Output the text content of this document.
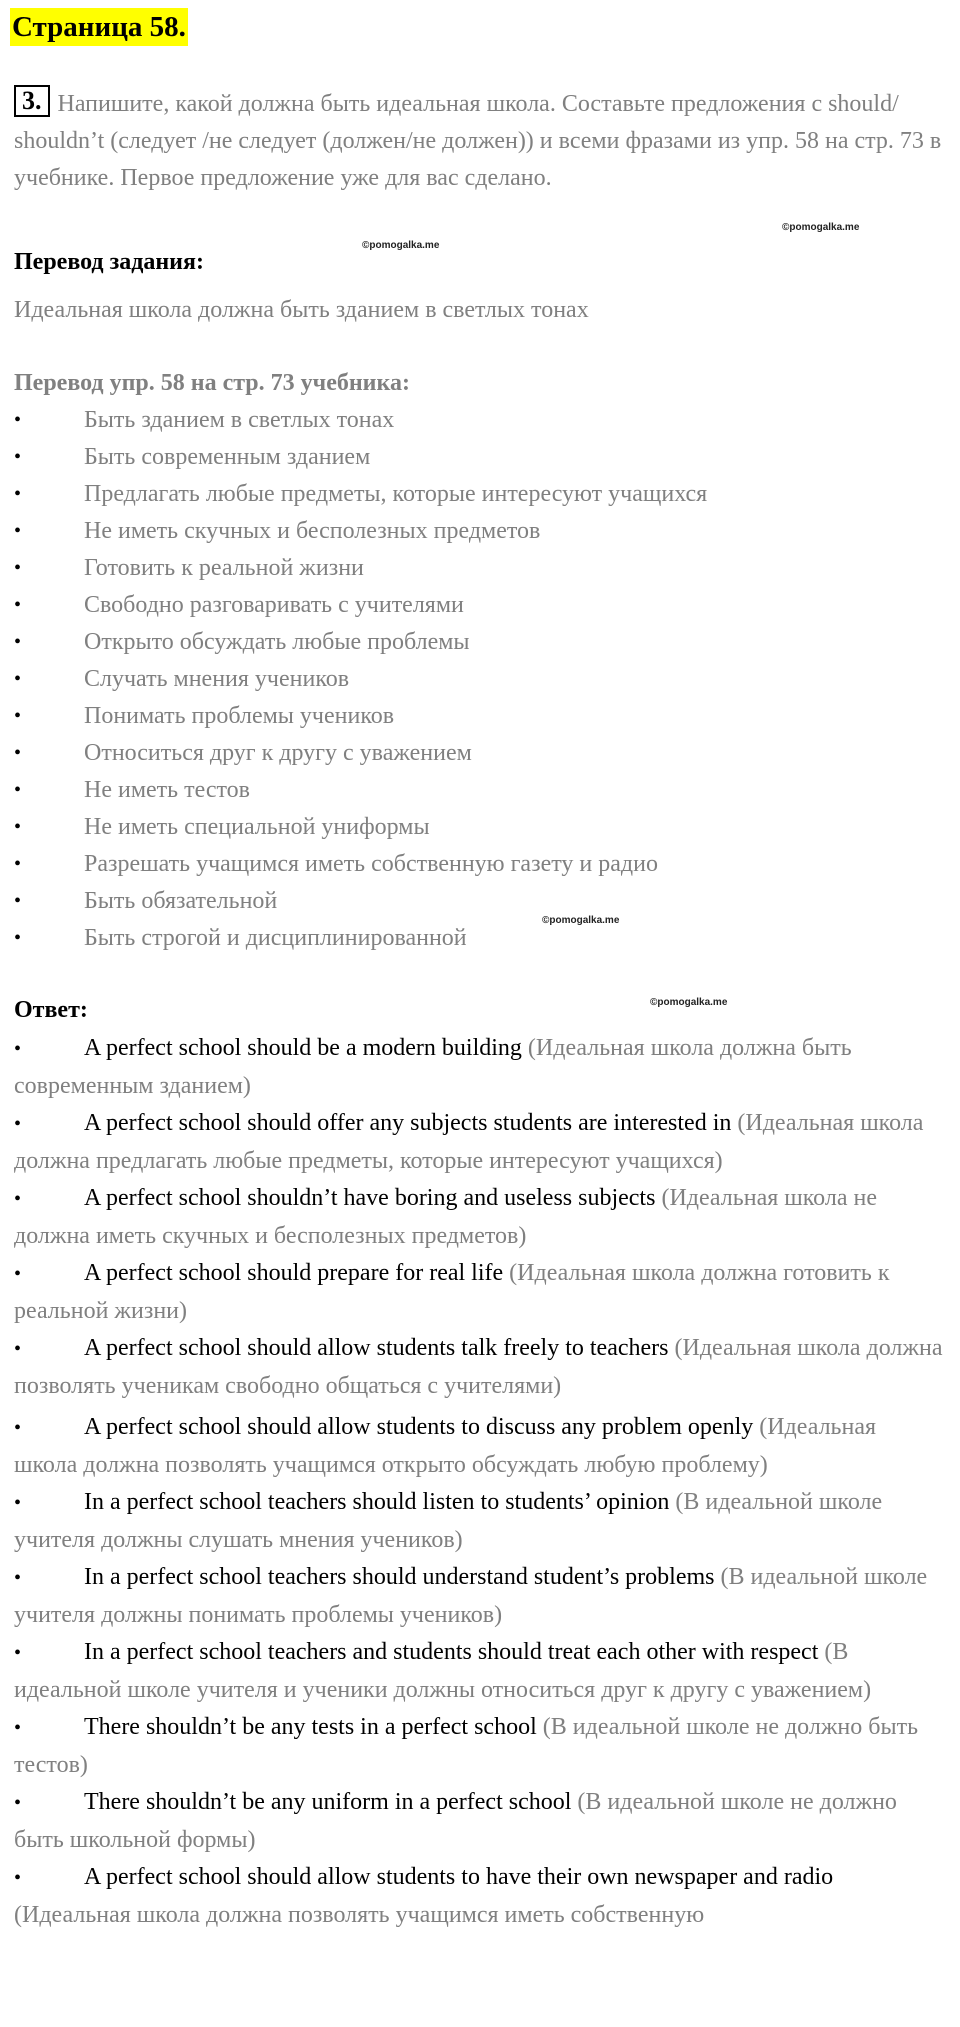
Страница 58.
3. Напишите, какой должна быть идеальная школа. Составьте предложения с should/ shouldn’t (следует /не следует (должен/не должен)) и всеми фразами из упр. 58 на стр. 73 в учебнике. Первое предложение уже для вас сделано.
©pomogalka.me
©pomogalka.me
Перевод задания:
Идеальная школа должна быть зданием в светлых тонах
Перевод упр. 58 на стр. 73 учебника:
• Быть зданием в светлых тонах
• Быть современным зданием
• Предлагать любые предметы, которые интересуют учащихся
• Не иметь скучных и бесполезных предметов
• Готовить к реальной жизни
• Свободно разговаривать с учителями
• Открыто обсуждать любые проблемы
• Случать мнения учеников
• Понимать проблемы учеников
• Относиться друг к другу с уважением
• Не иметь тестов
• Не иметь специальной униформы
• Разрешать учащимся иметь собственную газету и радио
• Быть обязательной
• Быть строгой и дисциплинированной
©pomogalka.me
©pomogalka.me
Ответ:

•	A perfect school should be a modern building (Идеальная школа должна быть современным зданием)

•	A perfect school should offer any subjects students are interested in (Идеальная школа должна предлагать любые предметы, которые интересуют учащихся)

•	A perfect school shouldn’t have boring and useless subjects (Идеальная школа не должна иметь скучных и бесполезных предметов)

•	A perfect school should prepare for real life (Идеальная школа должна готовить к реальной жизни)

•	A perfect school should allow students talk freely to teachers (Идеальная школа должна позволять ученикам свободно общаться с учителями)

•	A perfect school should allow students to discuss any problem openly (Идеальная школа должна позволять учащимся открыто обсуждать любую проблему)

•	In a perfect school teachers should listen to students’ opinion (В идеальной школе учителя должны слушать мнения учеников)

•	In a perfect school teachers should understand student’s problems (В идеальной школе учителя должны понимать проблемы учеников)

•	In a perfect school teachers and students should treat each other with respect (В идеальной школе учителя и ученики должны относиться друг к другу с уважением)

•	There shouldn’t be any tests in a perfect school (В идеальной школе не должно быть тестов)

•	There shouldn’t be any uniform in a perfect school (В идеальной школе не должно быть школьной формы)

•	A perfect school should allow students to have their own newspaper and radio (Идеальная школа должна позволять учащимся иметь собственную
